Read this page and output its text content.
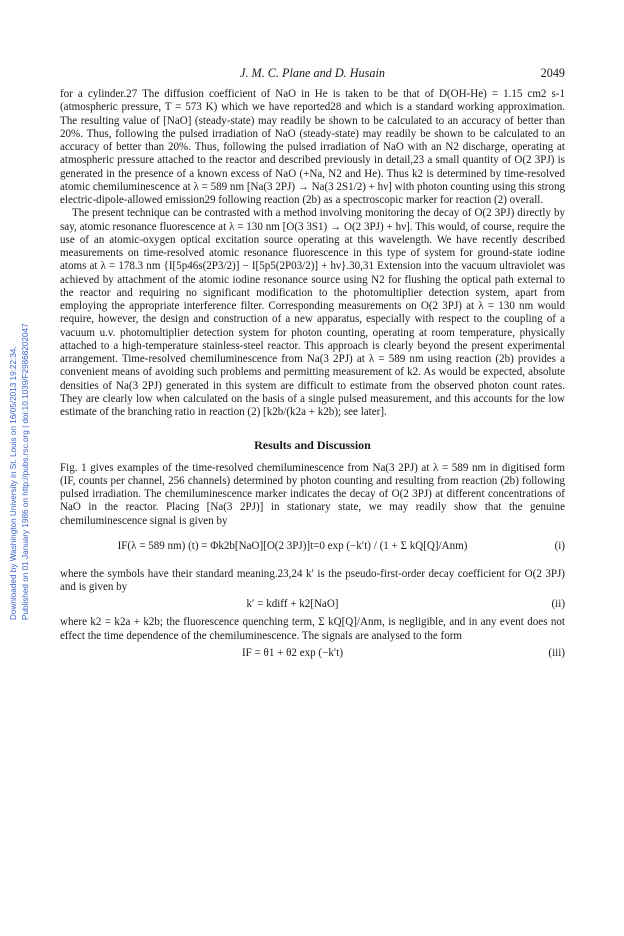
Downloaded by Washington University in St. Louis on 16/05/2013 19:22:34. Published on 01 January 1986 on http://pubs.rsc.org | doi:10.1039/F29868202047
J. M. C. Plane and D. Husain	2049

for a cylinder.27 The diffusion coefficient of NaO in He is taken to be that of D(OH-He) = 1.15 cm2 s-1 (atmospheric pressure, T = 573 K) which we have reported28 and which is a standard working approximation. The resulting value of [NaO] (steady-state) may readily be shown to be calculated to an accuracy of better than 20%. Thus, following the pulsed irradiation of NaO (steady-state) may readily be shown to be calculated to an accuracy of better than 20%. Thus, following the pulsed irradiation of NaO with an N2 discharge, operating at atmospheric pressure attached to the reactor and described previously in detail,23 a small quantity of O(2 3PJ) is generated in the presence of a known excess of NaO (+Na, N2 and He). Thus k2 is determined by time-resolved atomic chemiluminescence at λ = 589 nm [Na(3 2PJ) → Na(3 2S1/2) + hν] with photon counting using this strong electric-dipole-allowed emission29 following reaction (2b) as a spectroscopic marker for reaction (2) overall.

The present technique can be contrasted with a method involving monitoring the decay of O(2 3PJ) directly by say, atomic resonance fluorescence at λ = 130 nm [O(3 3S1) → O(2 3PJ) + hν]. This would, of course, require the use of an atomic-oxygen optical excitation source operating at this wavelength. We have recently described measurements on time-resolved atomic resonance fluorescence in this type of system for ground-state iodine atoms at λ = 178.3 nm {I[5p46s(2P3/2)] − I[5p5(2P03/2)] + hν}.30,31 Extension into the vacuum ultraviolet was achieved by attachment of the atomic iodine resonance source using N2 for flushing the optical path external to the reactor and requiring no significant modification to the photomultiplier detection system, apart from employing the appropriate interference filter. Corresponding measurements on O(2 3PJ) at λ = 130 nm would require, however, the design and construction of a new apparatus, especially with respect to the coupling of a vacuum u.v. photomultiplier detection system for photon counting, operating at room temperature, physically attached to a high-temperature stainless-steel reactor. This approach is clearly beyond the present experimental arrangement. Time-resolved chemiluminescence from Na(3 2PJ) at λ = 589 nm using reaction (2b) provides a convenient means of avoiding such problems and permitting measurement of k2. As would be expected, absolute densities of Na(3 2PJ) generated in this system are difficult to estimate from the observed photon count rates. They are clearly low when calculated on the basis of a single pulsed measurement, and this accounts for the low estimate of the branching ratio in reaction (2) [k2b/(k2a + k2b); see later].

Results and Discussion

Fig. 1 gives examples of the time-resolved chemiluminescence from Na(3 2PJ) at λ = 589 nm in digitised form (IF, counts per channel, 256 channels) determined by photon counting and resulting from reaction (2b) following pulsed irradiation. The chemiluminescence marker indicates the decay of O(2 3PJ) at different concentrations of NaO in the reactor. Placing [Na(3 2PJ)] in stationary state, we may readily show that the genuine chemiluminescence signal is given by

IF(λ = 589 nm) (t) = Φk2b[NaO][O(2 3PJ)]t=0 exp (−k′t) / (1 + Σ kQ[Q]/Anm)	(i)

where the symbols have their standard meaning.23,24 k′ is the pseudo-first-order decay coefficient for O(2 3PJ) and is given by

k′ = kdiff + k2[NaO]	(ii)

where k2 = k2a + k2b; the fluorescence quenching term, Σ kQ[Q]/Anm, is negligible, and in any event does not effect the time dependence of the chemiluminescence. The signals are analysed to the form

IF = θ1 + θ2 exp (−k′t)	(iii)
